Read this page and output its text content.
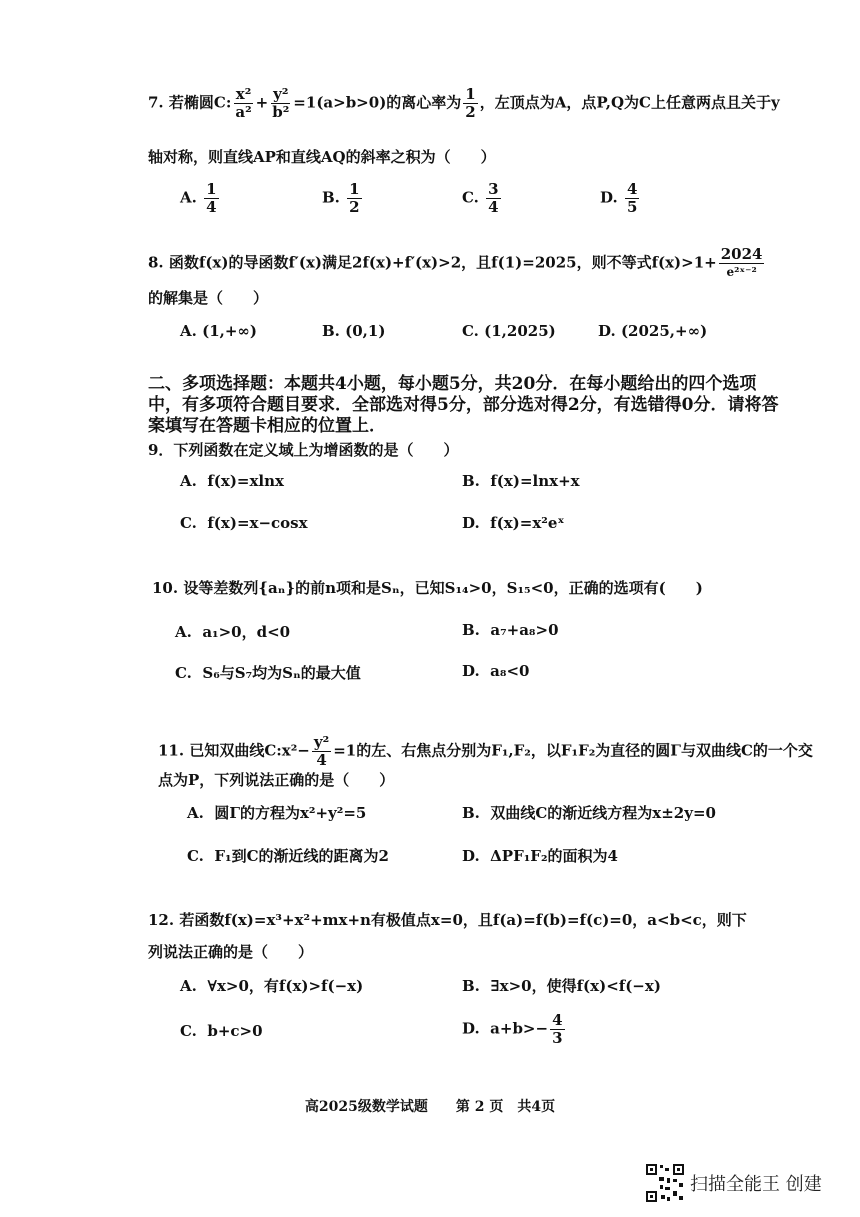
7. 若椭圆C: $\frac{\text{x²}}{\text{a²}} + \frac{\text{y²}}{\text{b²}} =1(a>b>0)$的离心率为 $\frac{1}{2}$ ，左顶点为A，点P,Q为C上任意两点且关于y
轴对称，则直线AP和直线AQ的斜率之积为（　　）
A. $\frac{1}{4}$	B. $\frac{1}{2}$	C. $\frac{3}{4}$	D. $\frac{4}{5}$
8. 函数f(x)的导函数f′(x)满足2f(x)+f′(x)>2，且f(1)=2025，则不等式$f(x)>1+ \frac{2024}{\text{e²ˣ⁻²}}$
的解集是（　　）
A. (1,+∞)	B. (0,1)	C. (1,2025)	D. (2025,+∞)
二、多项选择题：本题共4小题，每小题5分，共20分．在每小题给出的四个选项中，有多项符合题目要求．全部选对得5分，部分选对得2分，有选错得0分．请将答案填写在答题卡相应的位置上．
9．下列函数在定义域上为增函数的是（　　）
A. f(x)=xlnx	B. f(x)=lnx+x
C. f(x)=x−cosx	D. f(x)=x²eˣ
10. 设等差数列{aₙ}的前n项和是Sₙ，已知S₁₄>0，S₁₅<0，正确的选项有(　　)
A. a₁>0，d<0	B. a₇+a₈>0
C. S₆与S₇均为Sₙ的最大值	D. a₈<0
11. 已知双曲线C:x²− $\frac{\text{y²}}{4} =1$的左、右焦点分别为F₁,F₂，以F₁F₂为直径的圆Γ与双曲线C的一个交
点为P，下列说法正确的是（　　）
A. 圆Γ的方程为x²+y²=5	B. 双曲线C的渐近线方程为x±2y=0
C. F₁到C的渐近线的距离为2	D. ΔPF₁F₂的面积为4
12. 若函数f(x)=x³+x²+mx+n有极值点x=0，且f(a)=f(b)=f(c)=0，a<b<c，则下
列说法正确的是（　　）
A. ∀x>0，有f(x)>f(−x)	B. ∃x>0，使得f(x)<f(−x)
C. b+c>0	D. $a+b>- \frac{4}{3}$
高2025级数学试题　　第 2 页　共4页
扫描全能王 创建
